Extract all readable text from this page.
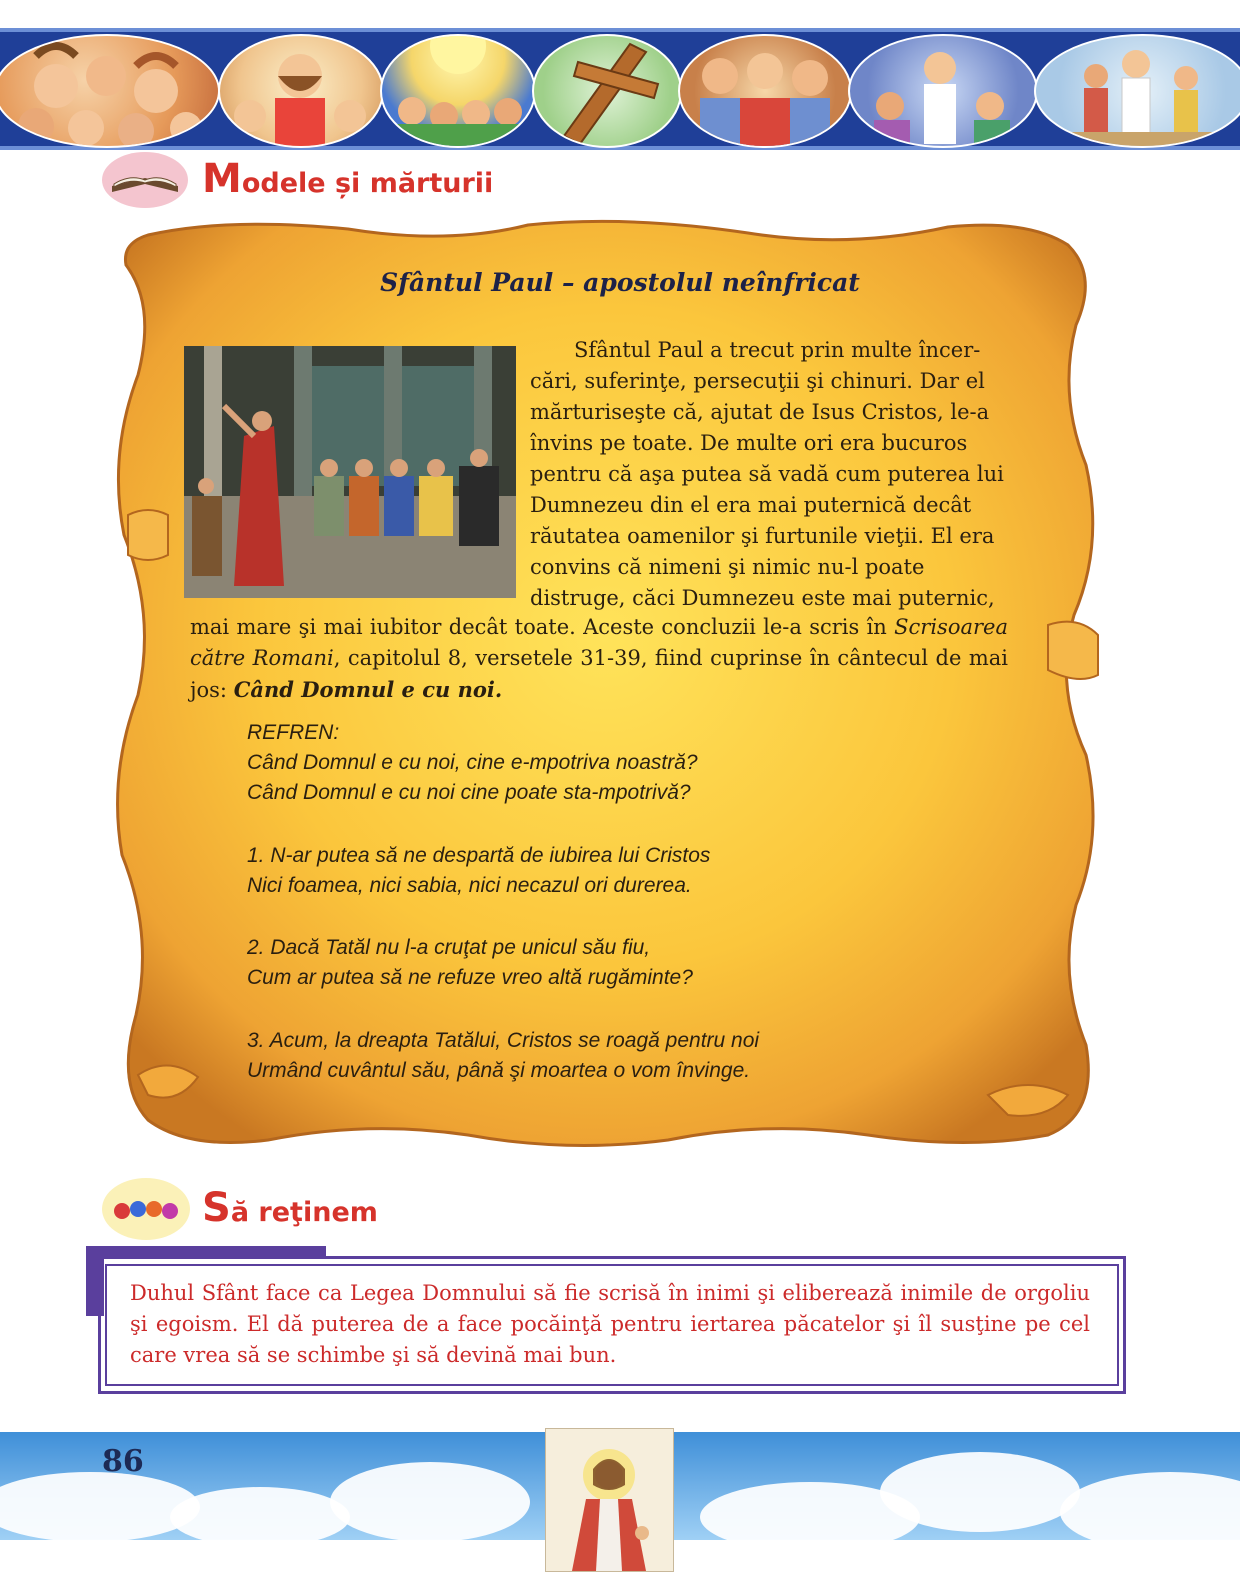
Modele și mărturii
Sfântul Paul – apostolul neînfricat
Sfântul Paul a trecut prin multe încer-
cări, suferinţe, persecuţii şi chinuri. Dar el
mărturiseşte că, ajutat de Isus Cristos, le-a
învins pe toate. De multe ori era bucuros
pentru că aşa putea să vadă cum puterea lui
Dumnezeu din el era mai puternică decât
răutatea oamenilor şi furtunile vieţii. El era
convins că nimeni şi nimic nu-l poate
distruge, căci Dumnezeu este mai puternic,
mai mare şi mai iubitor decât toate. Aceste concluzii le-a scris în Scrisoarea către Romani, capitolul 8, versetele 31-39, fiind cuprinse în cântecul de mai jos: Când Domnul e cu noi.
REFREN:
Când Domnul e cu noi, cine e-mpotriva noastră?
Când Domnul e cu noi cine poate sta-mpotrivă?
1. N-ar putea să ne despartă de iubirea lui Cristos
Nici foamea, nici sabia, nici necazul ori durerea.
2. Dacă Tatăl nu l-a cruţat pe unicul său fiu,
Cum ar putea să ne refuze vreo altă rugăminte?
3. Acum, la dreapta Tatălui, Cristos se roagă pentru noi
Urmând cuvântul său, până şi moartea o vom învinge.
Să reţinem
Duhul Sfânt face ca Legea Domnului să fie scrisă în inimi şi eliberează inimile de orgoliu şi egoism. El dă puterea de a face pocăinţă pentru iertarea păcatelor şi îl susţine pe cel care vrea să se schimbe şi să devină mai bun.
86
